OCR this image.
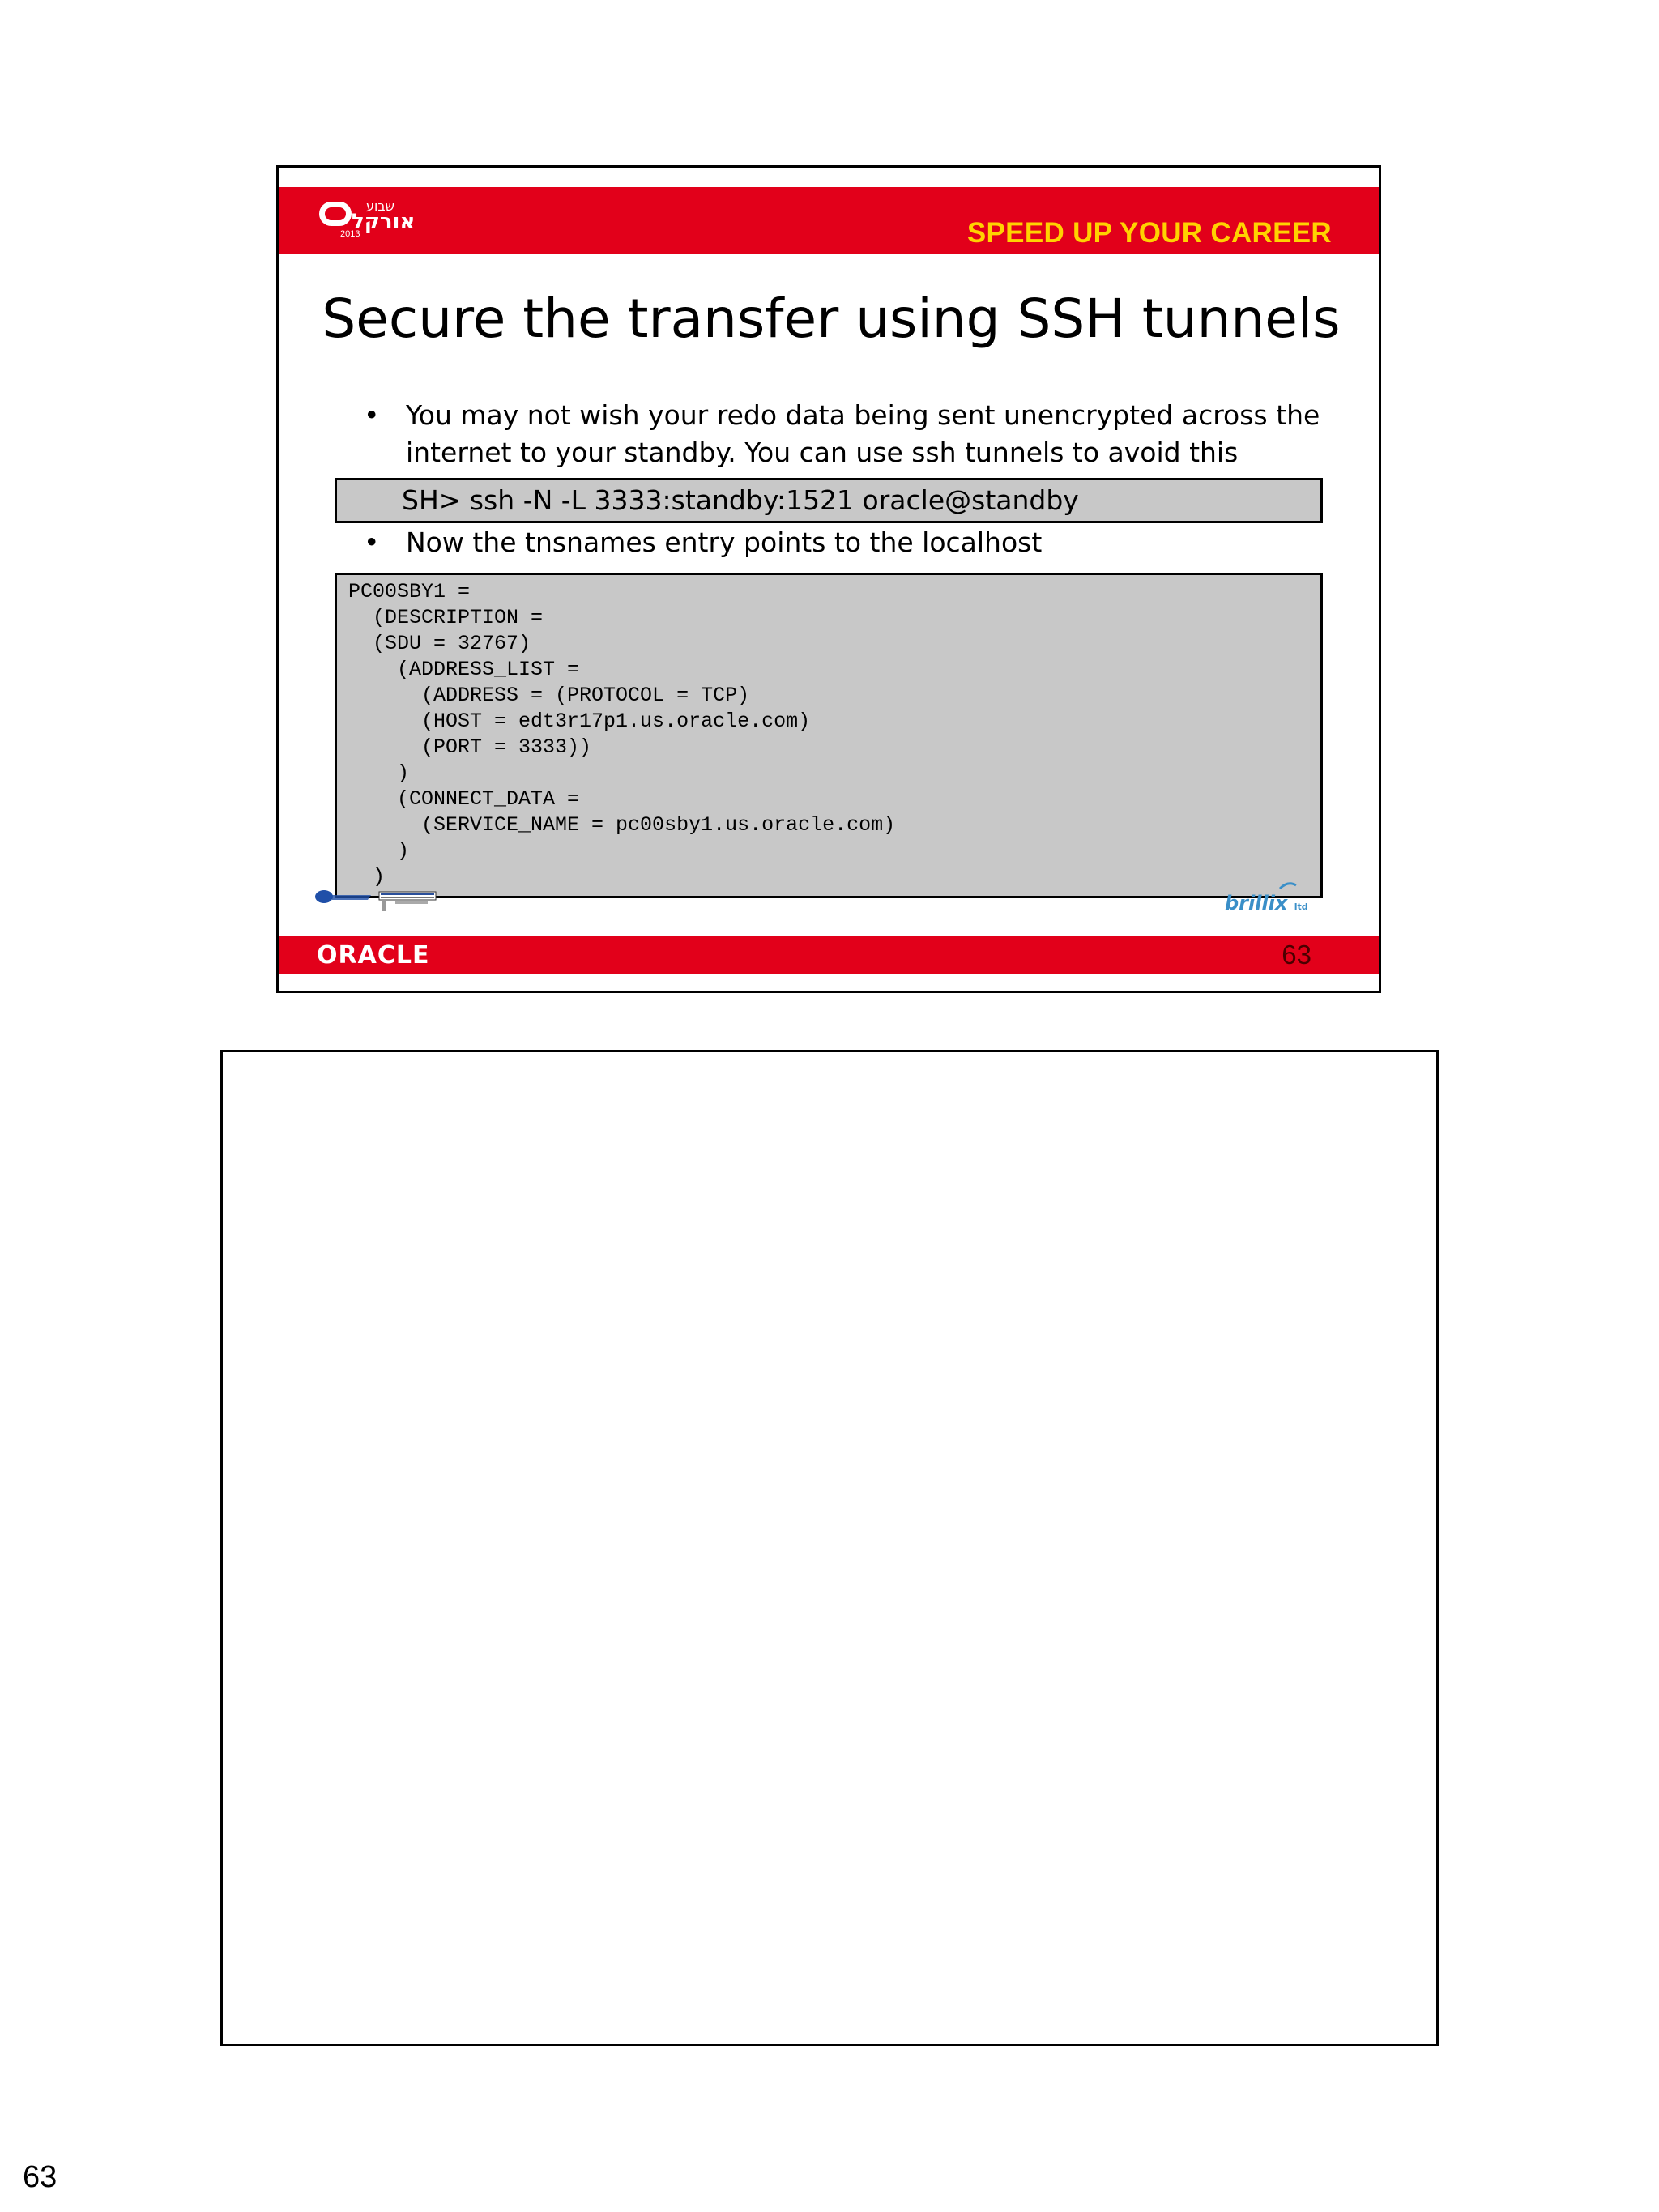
שבוע
אורקל
2013	SPEED UP YOUR CAREER
Secure the transfer using SSH tunnels
• You may not wish your redo data being sent unencrypted across the
internet to your standby. You can use ssh tunnels to avoid this
SH> ssh -N -L 3333:standby:1521 oracle@standby
• Now the tnsnames entry points to the localhost
PC00SBY1 =
(DESCRIPTION =
(SDU = 32767)
(ADDRESS_LIST =
(ADDRESS = (PROTOCOL = TCP)
(HOST = edt3r17p1.us.oracle.com)
(PORT = 3333))
)
(CONNECT_DATA =
(SERVICE_NAME = pc00sby1.us.oracle.com)
)
)
brillix ltd
ORACLE	63
63
